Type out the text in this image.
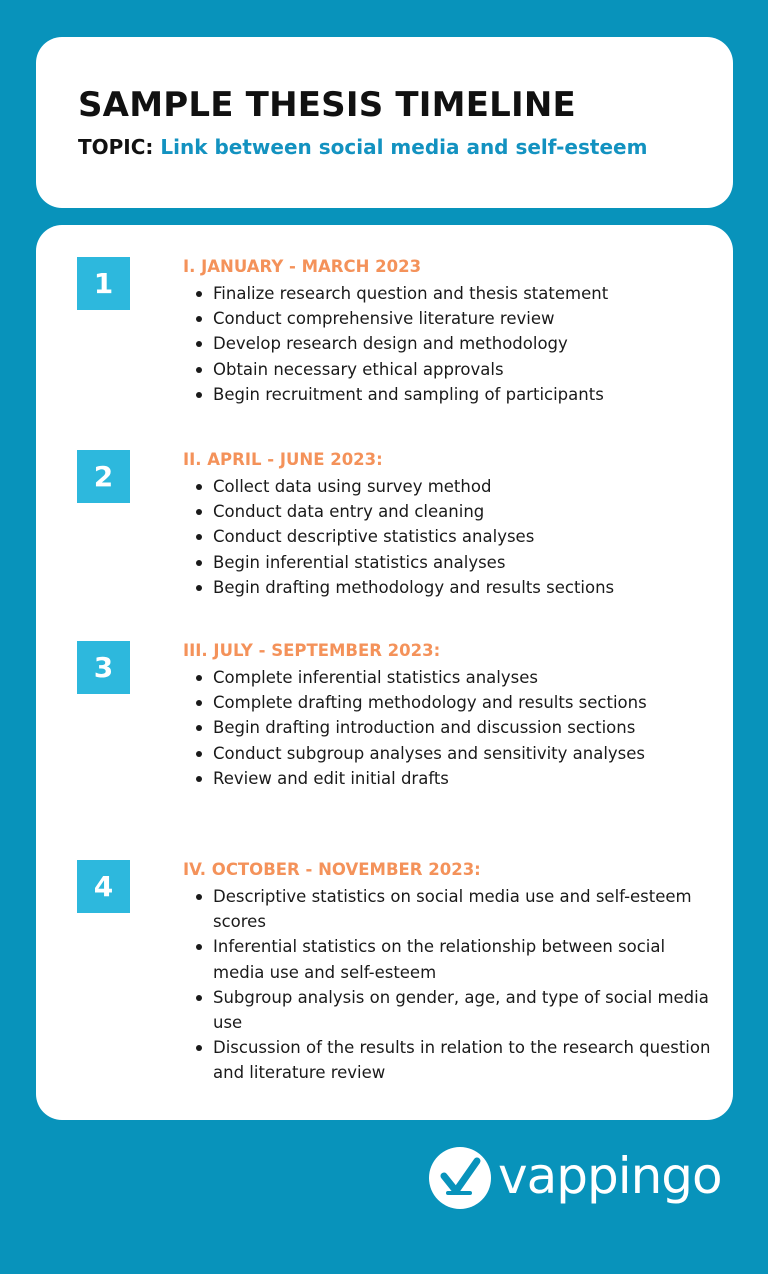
SAMPLE THESIS TIMELINE
TOPIC: Link between social media and self-esteem
1
I. JANUARY - MARCH 2023
Finalize research question and thesis statement
Conduct comprehensive literature review
Develop research design and methodology
Obtain necessary ethical approvals
Begin recruitment and sampling of participants
2
II. APRIL - JUNE 2023:
Collect data using survey method
Conduct data entry and cleaning
Conduct descriptive statistics analyses
Begin inferential statistics analyses
Begin drafting methodology and results sections
3
III. JULY - SEPTEMBER 2023:
Complete inferential statistics analyses
Complete drafting methodology and results sections
Begin drafting introduction and discussion sections
Conduct subgroup analyses and sensitivity analyses
Review and edit initial drafts
4
IV. OCTOBER - NOVEMBER 2023:
Descriptive statistics on social media use and self-esteem scores
Inferential statistics on the relationship between social media use and self-esteem
Subgroup analysis on gender, age, and type of social media use
Discussion of the results in relation to the research question and literature review
vappingo
